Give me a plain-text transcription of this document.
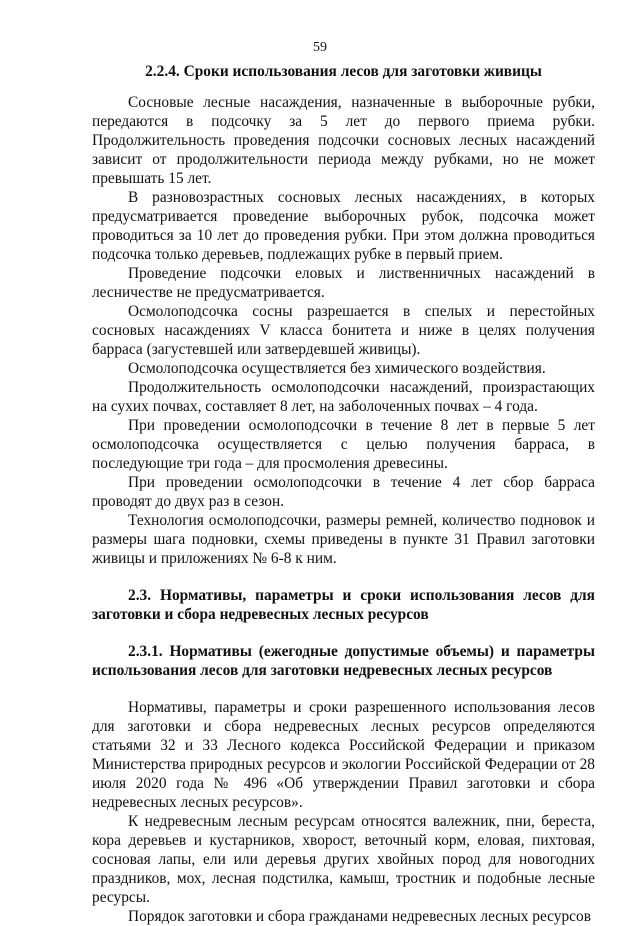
59
2.2.4. Сроки использования лесов для заготовки живицы

Сосновые лесные насаждения, назначенные в выборочные рубки, передаются в подсочку за 5 лет до первого приема рубки. Продолжительность проведения подсочки сосновых лесных насаждений зависит от продолжительности периода между рубками, но не может превышать 15 лет.

В разновозрастных сосновых лесных насаждениях, в которых предусматривается проведение выборочных рубок, подсочка может проводиться за 10 лет до проведения рубки. При этом должна проводиться подсочка только деревьев, подлежащих рубке в первый прием.

Проведение подсочки еловых и лиственничных насаждений в лесничестве не предусматривается.

Осмолоподсочка сосны разрешается в спелых и перестойных сосновых насаждениях V класса бонитета и ниже в целях получения барраса (загустевшей или затвердевшей живицы).

Осмолоподсочка осуществляется без химического воздействия.

Продолжительность осмолоподсочки насаждений, произрастающих на сухих почвах, составляет 8 лет, на заболоченных почвах – 4 года.

При проведении осмолоподсочки в течение 8 лет в первые 5 лет осмолоподсочка осуществляется с целью получения барраса, в последующие три года – для просмоления древесины.

При проведении осмолоподсочки в течение 4 лет сбор барраса проводят до двух раз в сезон.

Технология осмолоподсочки, размеры ремней, количество подновок и размеры шага подновки, схемы приведены в пункте 31 Правил заготовки живицы и приложениях № 6-8 к ним.

2.3. Нормативы, параметры и сроки использования лесов для заготовки и сбора недревесных лесных ресурсов
2.3.1. Нормативы (ежегодные допустимые объемы) и параметры использования лесов для заготовки недревесных лесных ресурсов

Нормативы, параметры и сроки разрешенного использования лесов для заготовки и сбора недревесных лесных ресурсов определяются статьями 32 и 33 Лесного кодекса Российской Федерации и приказом Министерства природных ресурсов и экологии Российской Федерации от 28 июля 2020 года № 496 «Об утверждении Правил заготовки и сбора недревесных лесных ресурсов».

К недревесным лесным ресурсам относятся валежник, пни, береста, кора деревьев и кустарников, хворост, веточный корм, еловая, пихтовая, сосновая лапы, ели или деревья других хвойных пород для новогодних праздников, мох, лесная подстилка, камыш, тростник и подобные лесные ресурсы.

Порядок заготовки и сбора гражданами недревесных лесных ресурсов
